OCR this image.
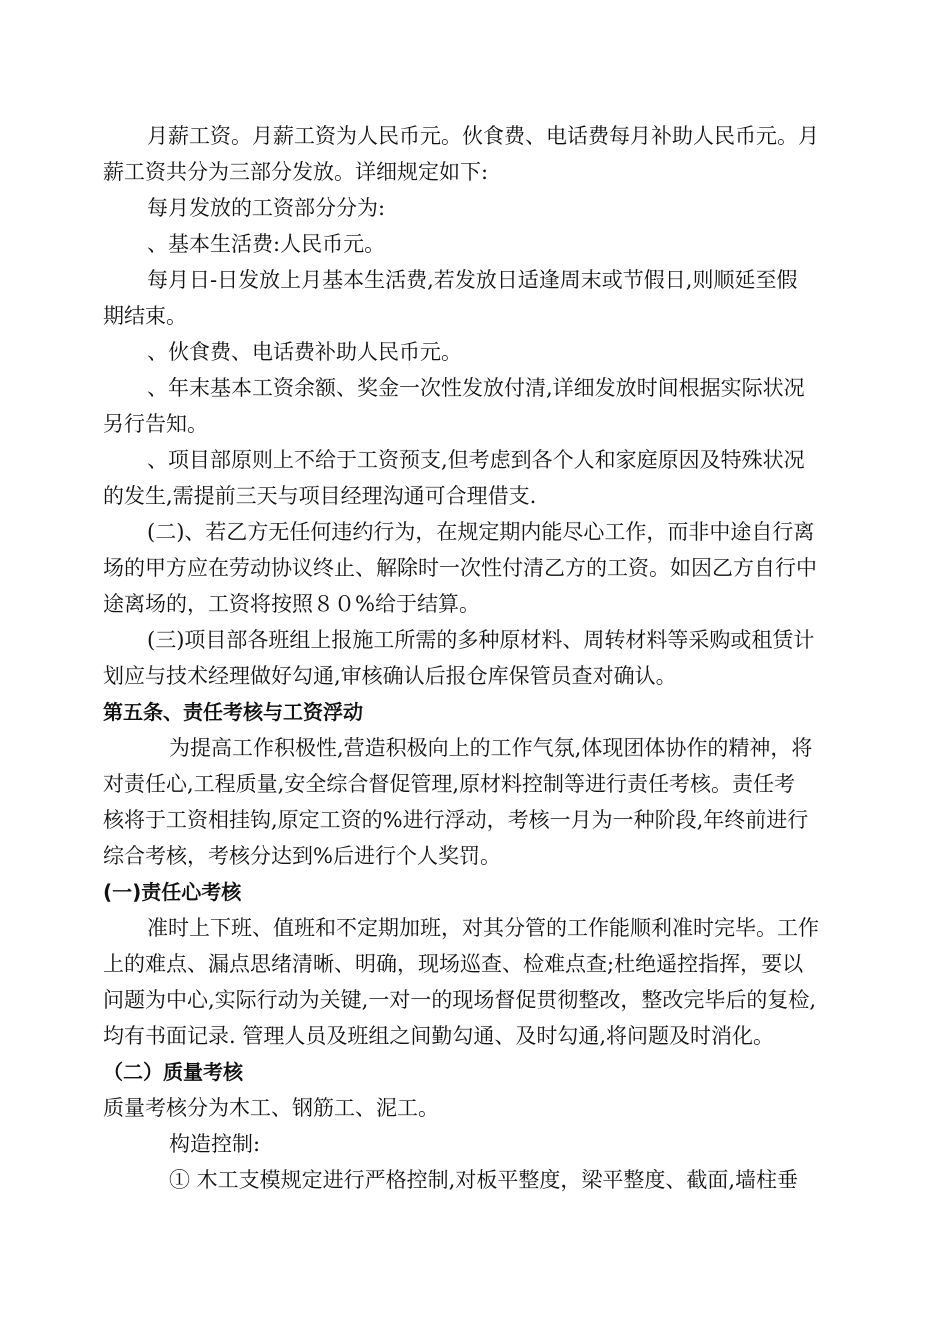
月薪工资。月薪工资为人民币元。伙食费、电话费每月补助人民币元。月
薪工资共分为三部分发放。详细规定如下:
每月发放的工资部分分为:
、基本生活费:人民币元。
每月日-日发放上月基本生活费,若发放日适逢周末或节假日,则顺延至假
期结束。
、伙食费、电话费补助人民币元。
、年末基本工资余额、奖金一次性发放付清,详细发放时间根据实际状况
另行告知。
、项目部原则上不给于工资预支,但考虑到各个人和家庭原因及特殊状况
的发生,需提前三天与项目经理沟通可合理借支.
(二)、若乙方无任何违约行为，在规定期内能尽心工作，而非中途自行离
场的甲方应在劳动协议终止、解除时一次性付清乙方的工资。如因乙方自行中
途离场的，工资将按照８０%给于结算。
(三)项目部各班组上报施工所需的多种原材料、周转材料等采购或租赁计
划应与技术经理做好勾通,审核确认后报仓库保管员查对确认。
第五条、责任考核与工资浮动
为提高工作积极性,营造积极向上的工作气氛,体现团体协作的精神，将
对责任心,工程质量,安全综合督促管理,原材料控制等进行责任考核。责任考
核将于工资相挂钩,原定工资的%进行浮动，考核一月为一种阶段,年终前进行
综合考核，考核分达到%后进行个人奖罚。
(一)责任心考核
准时上下班、值班和不定期加班，对其分管的工作能顺利准时完毕。工作
上的难点、漏点思绪清晰、明确，现场巡查、检难点查;杜绝遥控指挥，要以
问题为中心,实际行动为关键,一对一的现场督促贯彻整改，整改完毕后的复检,
均有书面记录. 管理人员及班组之间勤勾通、及时勾通,将问题及时消化。
（二）质量考核
质量考核分为木工、钢筋工、泥工。
构造控制:
① 木工支模规定进行严格控制,对板平整度，梁平整度、截面,墙柱垂
